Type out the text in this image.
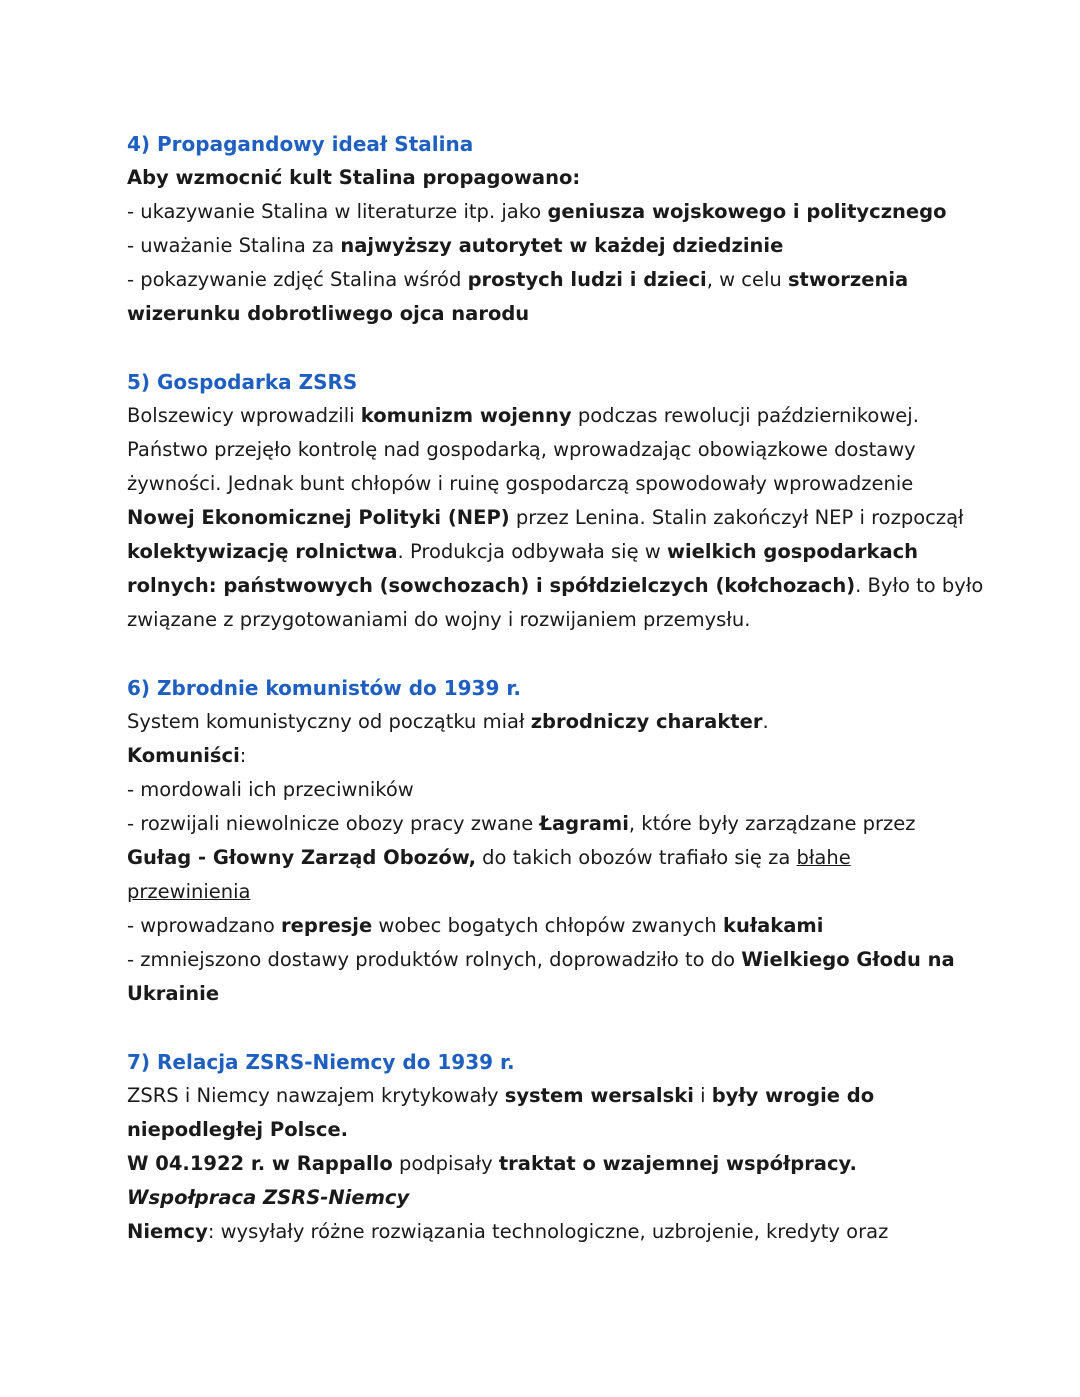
4) Propagandowy ideał Stalina
Aby wzmocnić kult Stalina propagowano:
- ukazywanie Stalina w literaturze itp. jako geniusza wojskowego i politycznego
- uważanie Stalina za najwyższy autorytet w każdej dziedzinie
- pokazywanie zdjęć Stalina wśród prostych ludzi i dzieci, w celu stworzenia
wizerunku dobrotliwego ojca narodu
5) Gospodarka ZSRS
Bolszewicy wprowadzili komunizm wojenny podczas rewolucji październikowej.
Państwo przejęło kontrolę nad gospodarką, wprowadzając obowiązkowe dostawy
żywności. Jednak bunt chłopów i ruinę gospodarczą spowodowały wprowadzenie
Nowej Ekonomicznej Polityki (NEP) przez Lenina. Stalin zakończył NEP i rozpoczął
kolektywizację rolnictwa. Produkcja odbywała się w wielkich gospodarkach
rolnych: państwowych (sowchozach) i spółdzielczych (kołchozach). Było to było
związane z przygotowaniami do wojny i rozwijaniem przemysłu.
6) Zbrodnie komunistów do 1939 r.
System komunistyczny od początku miał zbrodniczy charakter.
Komuniści:
- mordowali ich przeciwników
- rozwijali niewolnicze obozy pracy zwane Łagrami, które były zarządzane przez
Gułag - Głowny Zarząd Obozów, do takich obozów trafiało się za błahe
przewinienia
- wprowadzano represje wobec bogatych chłopów zwanych kułakami
- zmniejszono dostawy produktów rolnych, doprowadziło to do Wielkiego Głodu na
Ukrainie
7) Relacja ZSRS-Niemcy do 1939 r.
ZSRS i Niemcy nawzajem krytykowały system wersalski i były wrogie do
niepodległej Polsce.
W 04.1922 r. w Rappallo podpisały traktat o wzajemnej współpracy.
Wspołpraca ZSRS-Niemcy
Niemcy: wysyłały różne rozwiązania technologiczne, uzbrojenie, kredyty oraz
